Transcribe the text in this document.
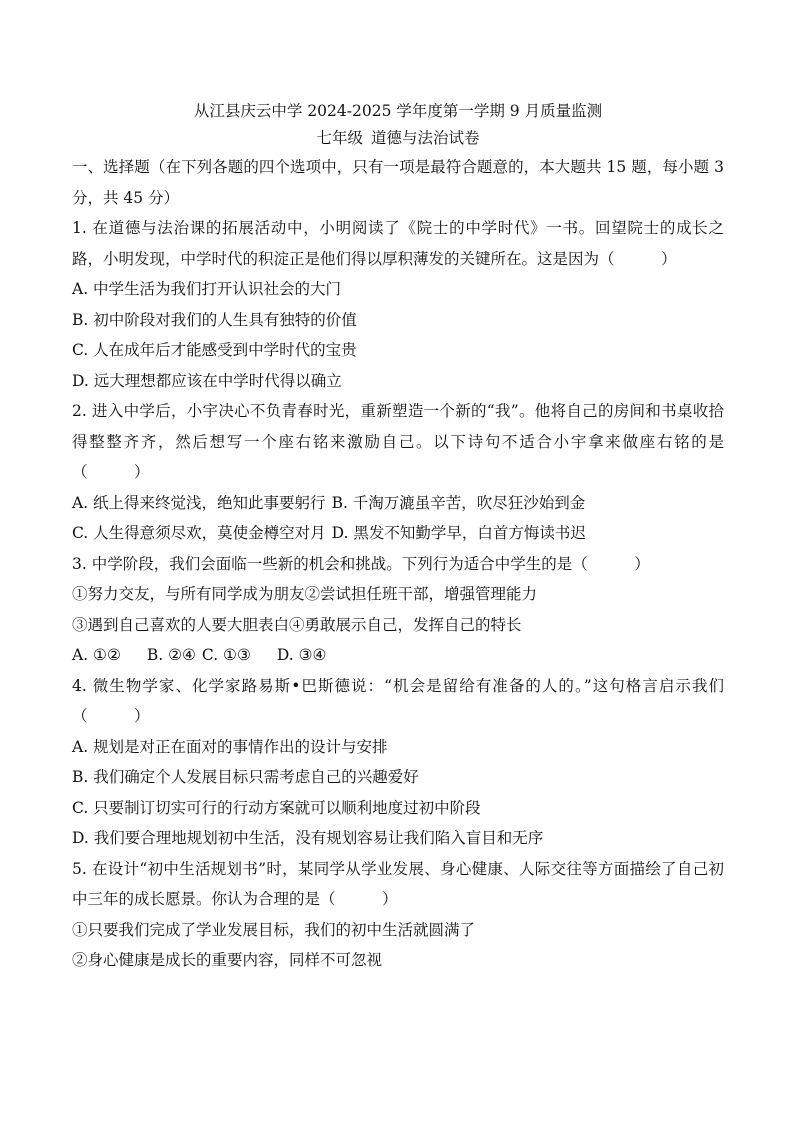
从江县庆云中学 2024-2025 学年度第一学期 9 月质量监测
七年级 道德与法治试卷
一、选择题（在下列各题的四个选项中，只有一项是最符合题意的，本大题共 15 题，每小题 3 分，共 45 分）
1. 在道德与法治课的拓展活动中，小明阅读了《院士的中学时代》一书。回望院士的成长之路，小明发现，中学时代的积淀正是他们得以厚积薄发的关键所在。这是因为（　　　）
A. 中学生活为我们打开认识社会的大门
B. 初中阶段对我们的人生具有独特的价值
C. 人在成年后才能感受到中学时代的宝贵
D. 远大理想都应该在中学时代得以确立
2. 进入中学后，小宇决心不负青春时光，重新塑造一个新的“我”。他将自己的房间和书桌收拾得整整齐齐，然后想写一个座右铭来激励自己。以下诗句不适合小宇拿来做座右铭的是（　　　）
A. 纸上得来终觉浅，绝知此事要躬行 B. 千淘万漉虽辛苦，吹尽狂沙始到金
C. 人生得意须尽欢，莫使金樽空对月 D. 黑发不知勤学早，白首方悔读书迟
3. 中学阶段，我们会面临一些新的机会和挑战。下列行为适合中学生的是（　　　）
①努力交友，与所有同学成为朋友②尝试担任班干部，增强管理能力
③遇到自己喜欢的人要大胆表白④勇敢展示自己，发挥自己的特长
A. ①② B. ②④ C. ①③ D. ③④
4. 微生物学家、化学家路易斯•巴斯德说：“机会是留给有准备的人的。”这句格言启示我们（　　　）
A. 规划是对正在面对的事情作出的设计与安排
B. 我们确定个人发展目标只需考虑自己的兴趣爱好
C. 只要制订切实可行的行动方案就可以顺利地度过初中阶段
D. 我们要合理地规划初中生活，没有规划容易让我们陷入盲目和无序
5. 在设计“初中生活规划书”时，某同学从学业发展、身心健康、人际交往等方面描绘了自己初中三年的成长愿景。你认为合理的是（　　　）
①只要我们完成了学业发展目标，我们的初中生活就圆满了
②身心健康是成长的重要内容，同样不可忽视
